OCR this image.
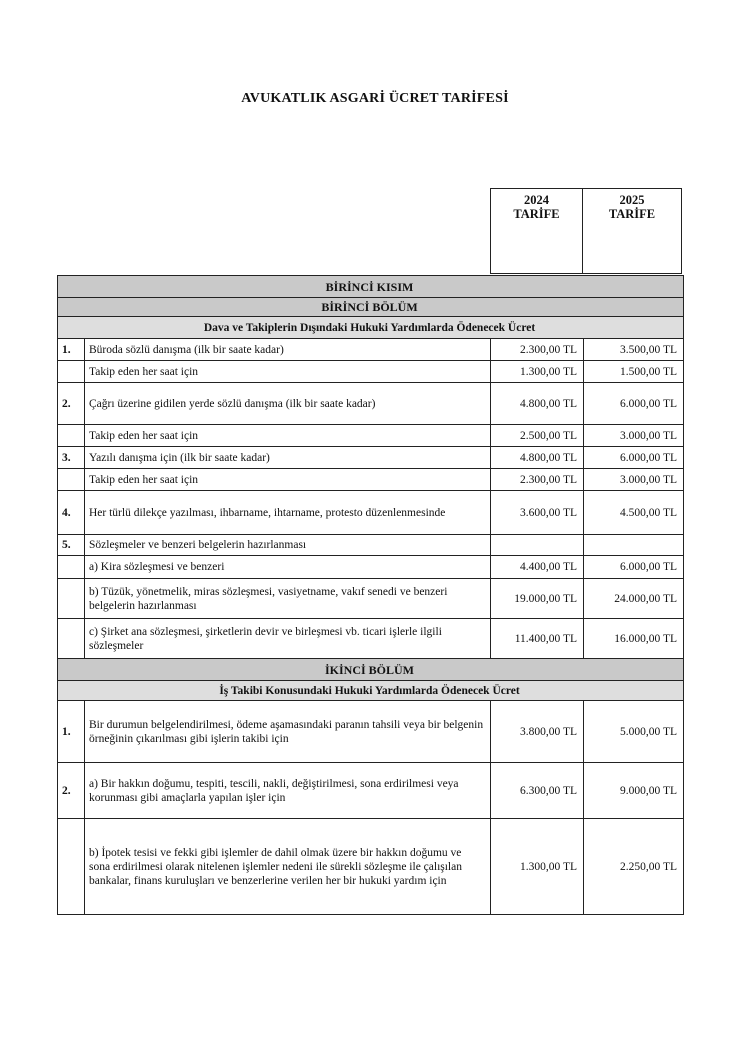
AVUKATLIK ASGARİ ÜCRET TARİFESİ
2024
TARİFE
2025
TARİFE
BİRİNCİ KISIM			
BİRİNCİ BÖLÜM			
Dava ve Takiplerin Dışındaki Hukuki Yardımlarda Ödenecek Ücret			
1.	Büroda sözlü danışma (ilk bir saate kadar)	2.300,00 TL	3.500,00 TL
	Takip eden her saat için	1.300,00 TL	1.500,00 TL
2.	Çağrı üzerine gidilen yerde sözlü danışma (ilk bir saate kadar)	4.800,00 TL	6.000,00 TL
	Takip eden her saat için	2.500,00 TL	3.000,00 TL
3.	Yazılı danışma için (ilk bir saate kadar)	4.800,00 TL	6.000,00 TL
	Takip eden her saat için	2.300,00 TL	3.000,00 TL
4.	Her türlü dilekçe yazılması, ihbarname, ihtarname, protesto düzenlenmesinde	3.600,00 TL	4.500,00 TL
5.	Sözleşmeler ve benzeri belgelerin hazırlanması		
	a) Kira sözleşmesi ve benzeri	4.400,00 TL	6.000,00 TL
	b) Tüzük, yönetmelik, miras sözleşmesi, vasiyetname, vakıf senedi ve benzeri belgelerin hazırlanması	19.000,00 TL	24.000,00 TL
	c) Şirket ana sözleşmesi, şirketlerin devir ve birleşmesi vb. ticari işlerle ilgili sözleşmeler	11.400,00 TL	16.000,00 TL
İKİNCİ BÖLÜM			
İş Takibi Konusundaki Hukuki Yardımlarda Ödenecek Ücret			
1.	Bir durumun belgelendirilmesi, ödeme aşamasındaki paranın tahsili veya bir belgenin örneğinin çıkarılması gibi işlerin takibi için	3.800,00 TL	5.000,00 TL
2.	a) Bir hakkın doğumu, tespiti, tescili, nakli, değiştirilmesi, sona erdirilmesi veya korunması gibi amaçlarla yapılan işler için	6.300,00 TL	9.000,00 TL
	b) İpotek tesisi ve fekki gibi işlemler de dahil olmak üzere bir hakkın doğumu ve sona erdirilmesi olarak nitelenen işlemler nedeni ile sürekli sözleşme ile çalışılan bankalar, finans kuruluşları ve benzerlerine verilen her bir hukuki yardım için	1.300,00 TL	2.250,00 TL
